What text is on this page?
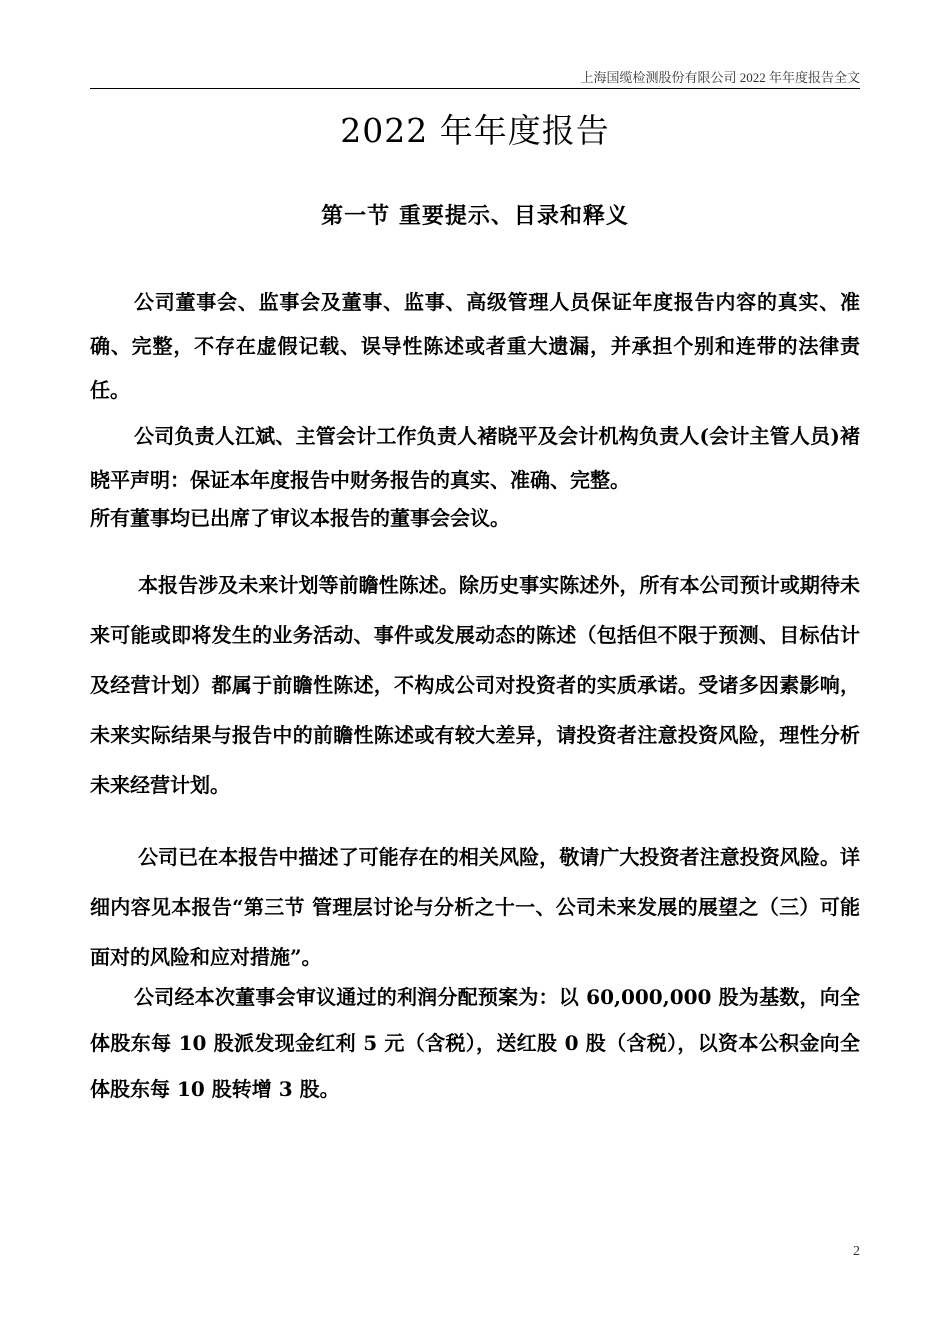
上海国缆检测股份有限公司 2022 年年度报告全文
2022 年年度报告
第一节 重要提示、目录和释义

公司董事会、监事会及董事、监事、高级管理人员保证年度报告内容的真实、准确、完整，不存在虚假记载、误导性陈述或者重大遗漏，并承担个别和连带的法律责任。

公司负责人江斌、主管会计工作负责人褚晓平及会计机构负责人(会计主管人员)褚晓平声明：保证本年度报告中财务报告的真实、准确、完整。

所有董事均已出席了审议本报告的董事会会议。

本报告涉及未来计划等前瞻性陈述。除历史事实陈述外，所有本公司预计或期待未来可能或即将发生的业务活动、事件或发展动态的陈述（包括但不限于预测、目标估计及经营计划）都属于前瞻性陈述，不构成公司对投资者的实质承诺。受诸多因素影响，未来实际结果与报告中的前瞻性陈述或有较大差异，请投资者注意投资风险，理性分析未来经营计划。

公司已在本报告中描述了可能存在的相关风险，敬请广大投资者注意投资风险。详细内容见本报告“第三节 管理层讨论与分析之十一、公司未来发展的展望之（三）可能面对的风险和应对措施”。

公司经本次董事会审议通过的利润分配预案为：以 60,000,000 股为基数，向全体股东每 10 股派发现金红利 5 元（含税），送红股 0 股（含税），以资本公积金向全体股东每 10 股转增 3 股。

2
